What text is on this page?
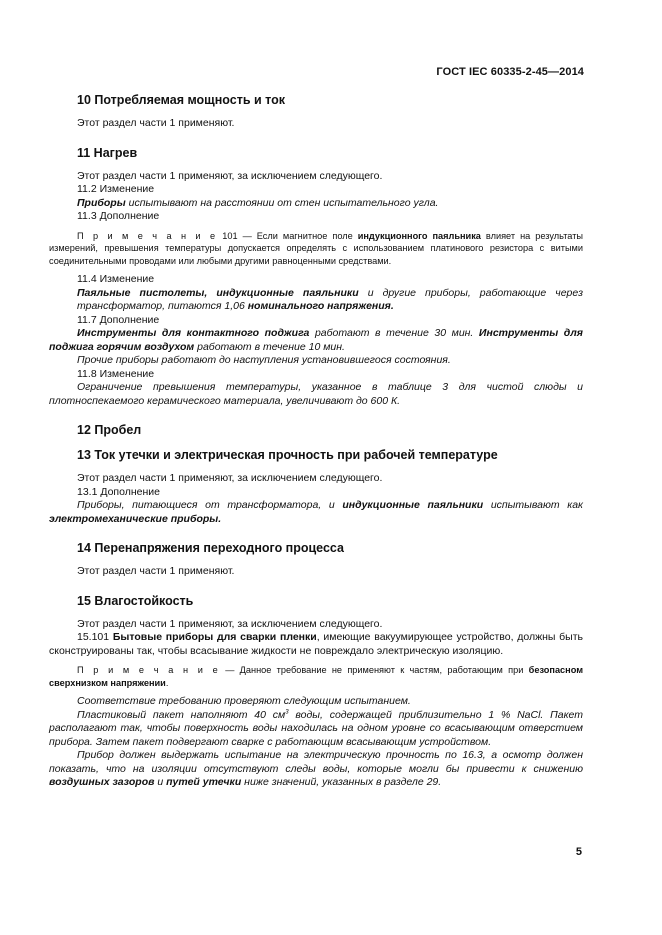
ГОСТ IEC 60335-2-45—2014
10 Потребляемая мощность и ток
Этот раздел части 1 применяют.
11 Нагрев
Этот раздел части 1 применяют, за исключением следующего.
11.2 Изменение
Приборы испытывают на расстоянии от стен испытательного угла.
11.3 Дополнение
П р и м е ч а н и е 101 — Если магнитное поле индукционного паяльника влияет на результаты измерений, превышения температуры допускается определять с использованием платинового резистора с витыми соединительными проводами или любыми другими равноценными средствами.
11.4 Изменение
Паяльные пистолеты, индукционные паяльники и другие приборы, работающие через трансформатор, питаются 1,06 номинального напряжения.
11.7 Дополнение
Инструменты для контактного поджига работают в течение 30 мин. Инструменты для поджига горячим воздухом работают в течение 10 мин.
Прочие приборы работают до наступления установившегося состояния.
11.8 Изменение
Ограничение превышения температуры, указанное в таблице 3 для чистой слюды и плотноспекаемого керамического материала, увеличивают до 600 К.
12 Пробел
13 Ток утечки и электрическая прочность при рабочей температуре
Этот раздел части 1 применяют, за исключением следующего.
13.1 Дополнение
Приборы, питающиеся от трансформатора, и индукционные паяльники испытывают как электромеханические приборы.
14 Перенапряжения переходного процесса
Этот раздел части 1 применяют.
15 Влагостойкость
Этот раздел части 1 применяют, за исключением следующего.
15.101 Бытовые приборы для сварки пленки, имеющие вакуумирующее устройство, должны быть сконструированы так, чтобы всасывание жидкости не повреждало электрическую изоляцию.
П р и м е ч а н и е — Данное требование не применяют к частям, работающим при безопасном сверхнизком напряжении.
Соответствие требованию проверяют следующим испытанием.
Пластиковый пакет наполняют 40 $см^3$ воды, содержащей приблизительно 1 % NaCl. Пакет располагают так, чтобы поверхность воды находилась на одном уровне со всасывающим отверстием прибора. Затем пакет подвергают сварке с работающим всасывающим устройством.
Прибор должен выдержать испытание на электрическую прочность по 16.3, а осмотр должен показать, что на изоляции отсутствуют следы воды, которые могли бы привести к снижению воздушных зазоров и путей утечки ниже значений, указанных в разделе 29.
5
